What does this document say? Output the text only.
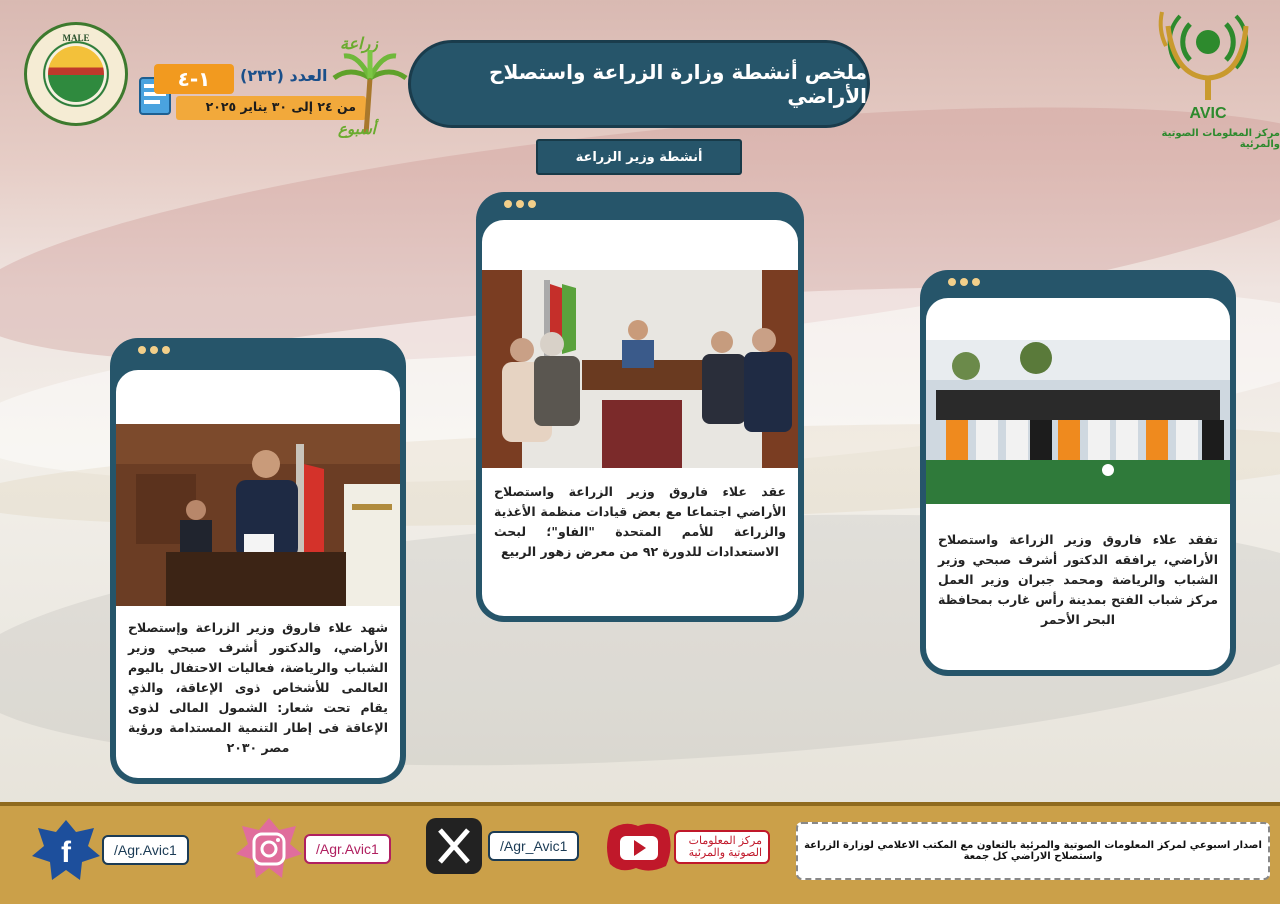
MALE
١-٤	العدد (٢٣٢)
من ٢٤ إلى ٣٠ يناير ٢٠٢٥
زراعة
أسبوع
ملخص أنشطة وزارة الزراعة واستصلاح الأراضي
AVIC
مركز المعلومات الصوتية والمرئية
أنشطة وزير الزراعة
شهد علاء فاروق وزير الزراعة وإستصلاح الأراضي، والدكتور أشرف صبحي وزير الشباب والرياضة، فعاليات الاحتفال باليوم العالمى للأشخاص ذوى الإعاقة، والذي يقام تحت شعار: الشمول المالى لذوى الإعاقة فى إطار التنمية المستدامة ورؤية مصر ٢٠٣٠
عقد علاء فاروق وزير الزراعة واستصلاح الأراضي اجتماعا مع بعض قيادات منظمة الأغذية والزراعة للأمم المتحدة "الفاو"؛ لبحث الاستعدادات للدورة ٩٢ من معرض زهور الربيع
تفقد علاء فاروق وزير الزراعة واستصلاح الأراضي، يرافقه الدكتور أشرف صبحي وزير الشباب والرياضة ومحمد جبران وزير العمل مركز شباب الفتح بمدينة رأس غارب بمحافظة البحر الأحمر
f	/Agr.Avic1	/Agr.Avic1	/Agr_Avic1	مركز المعلومات الصوتية والمرئية
اصدار اسبوعي لمركز المعلومات الصوتية والمرئية بالتعاون مع المكتب الاعلامي لوزارة الزراعة واستصلاح الاراضي كل جمعة
